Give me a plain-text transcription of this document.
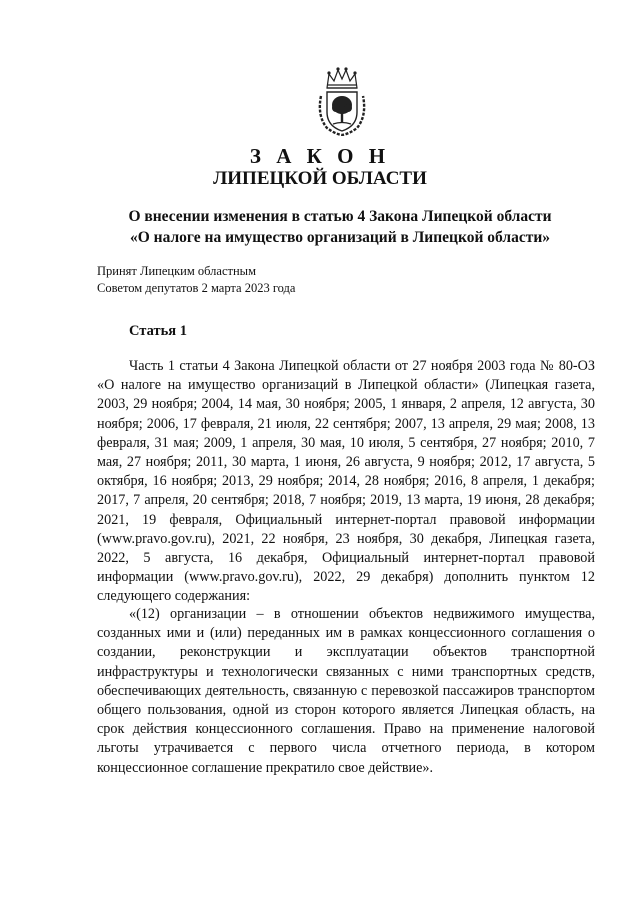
З А К О Н
ЛИПЕЦКОЙ ОБЛАСТИ
О внесении изменения в статью 4 Закона Липецкой области
«О налоге на имущество организаций в Липецкой области»
Принят Липецким областным
Советом депутатов 2 марта 2023 года
Статья 1
Часть 1 статьи 4 Закона Липецкой области от 27 ноября 2003 года № 80-ОЗ «О налоге на имущество организаций в Липецкой области» (Липецкая газета, 2003, 29 ноября; 2004, 14 мая, 30 ноября; 2005, 1 января, 2 апреля, 12 августа, 30 ноября; 2006, 17 февраля, 21 июля, 22 сентября; 2007, 13 апреля, 29 мая; 2008, 13 февраля, 31 мая; 2009, 1 апреля, 30 мая, 10 июля, 5 сентября, 27 ноября; 2010, 7 мая, 27 ноября; 2011, 30 марта, 1 июня, 26 августа, 9 ноября; 2012, 17 августа, 5 октября, 16 ноября; 2013, 29 ноября; 2014, 28 ноября; 2016, 8 апреля, 1 декабря; 2017, 7 апреля, 20 сентября; 2018, 7 ноября; 2019, 13 марта, 19 июня, 28 декабря; 2021, 19 февраля, Официальный интернет-портал правовой информации (www.pravo.gov.ru), 2021, 22 ноября, 23 ноября, 30 декабря, Липецкая газета, 2022, 5 августа, 16 декабря, Официальный интернет-портал правовой информации (www.pravo.gov.ru), 2022, 29 декабря) дополнить пунктом 12 следующего содержания:
«(12) организации – в отношении объектов недвижимого имущества, созданных ими и (или) переданных им в рамках концессионного соглашения о создании, реконструкции и эксплуатации объектов транспортной инфраструктуры и технологически связанных с ними транспортных средств, обеспечивающих деятельность, связанную с перевозкой пассажиров транспортом общего пользования, одной из сторон которого является Липецкая область, на срок действия концессионного соглашения. Право на применение налоговой льготы утрачивается с первого числа отчетного периода, в котором концессионное соглашение прекратило свое действие».
